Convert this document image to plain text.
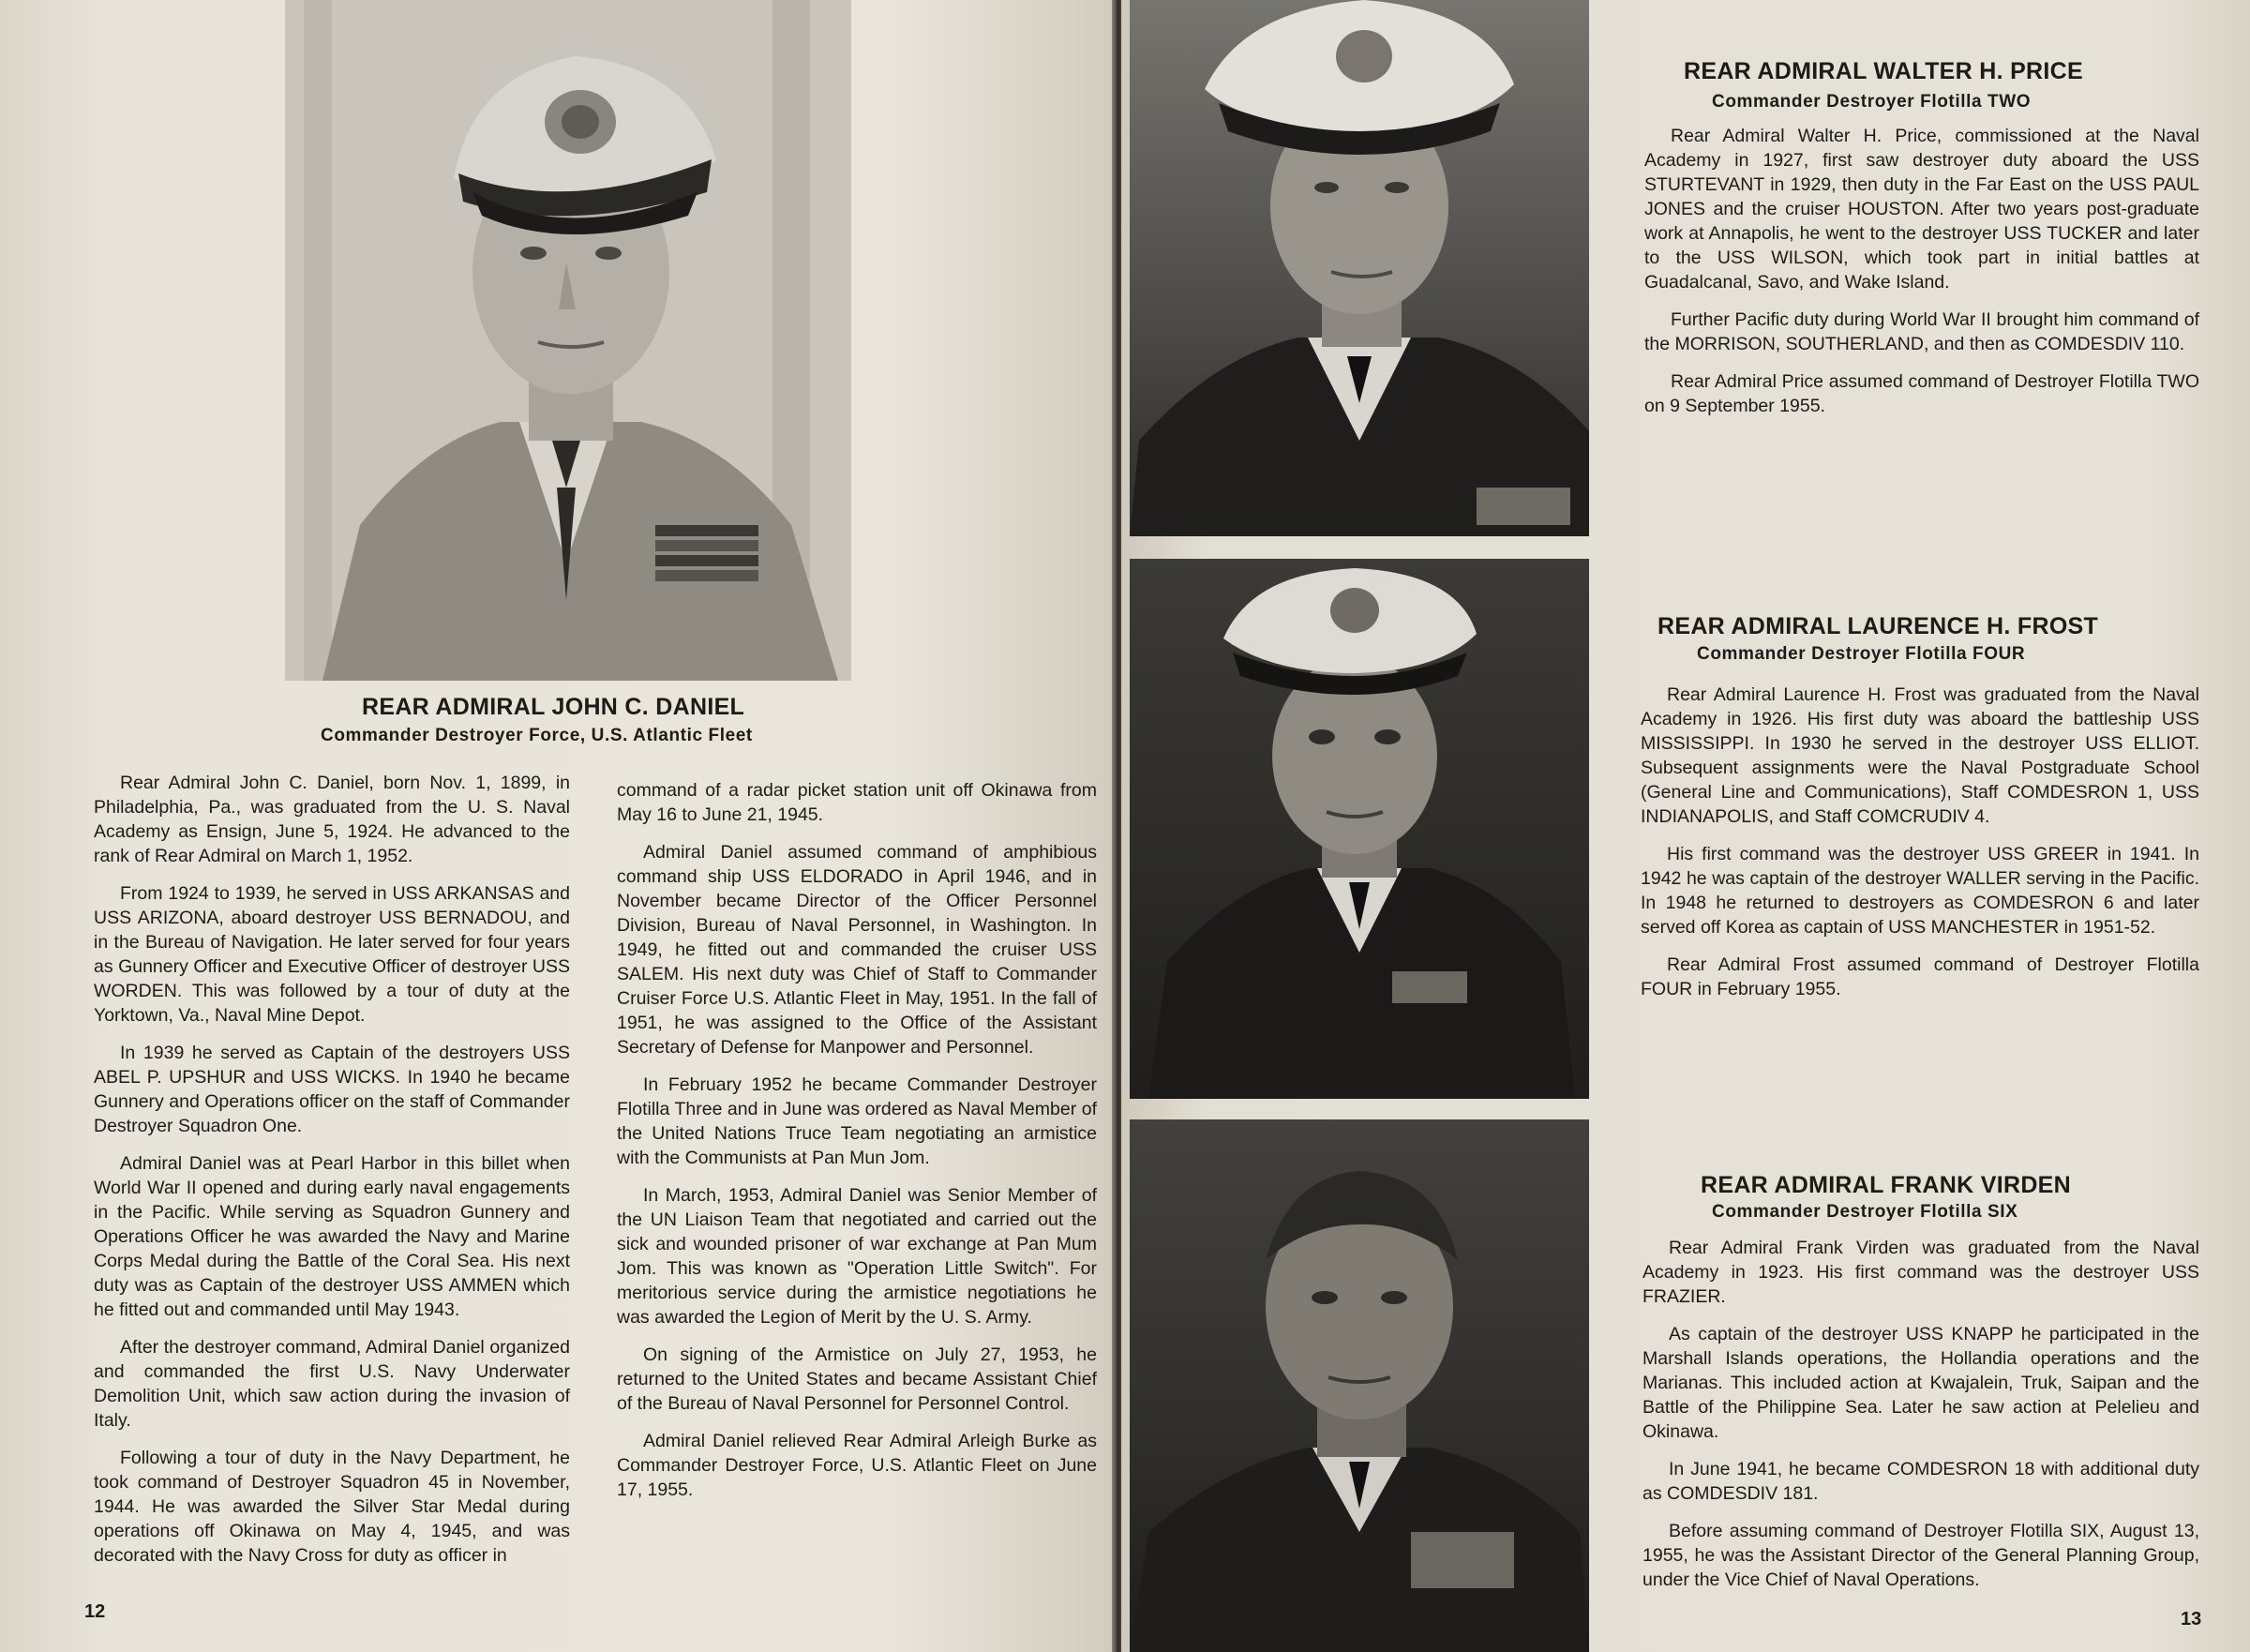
REAR ADMIRAL JOHN C. DANIEL
Commander Destroyer Force, U.S. Atlantic Fleet

Rear Admiral John C. Daniel, born Nov. 1, 1899, in Philadelphia, Pa., was graduated from the U. S. Naval Academy as Ensign, June 5, 1924. He advanced to the rank of Rear Admiral on March 1, 1952.

From 1924 to 1939, he served in USS ARKANSAS and USS ARIZONA, aboard destroyer USS BERNADOU, and in the Bureau of Navigation. He later served for four years as Gunnery Officer and Executive Officer of destroyer USS WORDEN. This was followed by a tour of duty at the Yorktown, Va., Naval Mine Depot.

In 1939 he served as Captain of the destroyers USS ABEL P. UPSHUR and USS WICKS. In 1940 he became Gunnery and Operations officer on the staff of Commander Destroyer Squadron One.

Admiral Daniel was at Pearl Harbor in this billet when World War II opened and during early naval engagements in the Pacific. While serving as Squadron Gunnery and Operations Officer he was awarded the Navy and Marine Corps Medal during the Battle of the Coral Sea. His next duty was as Captain of the destroyer USS AMMEN which he fitted out and commanded until May 1943.

After the destroyer command, Admiral Daniel organized and commanded the first U.S. Navy Underwater Demolition Unit, which saw action during the invasion of Italy.

Following a tour of duty in the Navy Department, he took command of Destroyer Squadron 45 in November, 1944. He was awarded the Silver Star Medal during operations off Okinawa on May 4, 1945, and was decorated with the Navy Cross for duty as officer in

command of a radar picket station unit off Okinawa from May 16 to June 21, 1945.

Admiral Daniel assumed command of amphibious command ship USS ELDORADO in April 1946, and in November became Director of the Officer Personnel Division, Bureau of Naval Personnel, in Washington. In 1949, he fitted out and commanded the cruiser USS SALEM. His next duty was Chief of Staff to Commander Cruiser Force U.S. Atlantic Fleet in May, 1951. In the fall of 1951, he was assigned to the Office of the Assistant Secretary of Defense for Manpower and Personnel.

In February 1952 he became Commander Destroyer Flotilla Three and in June was ordered as Naval Member of the United Nations Truce Team negotiating an armistice with the Communists at Pan Mun Jom.

In March, 1953, Admiral Daniel was Senior Member of the UN Liaison Team that negotiated and carried out the sick and wounded prisoner of war exchange at Pan Mum Jom. This was known as "Operation Little Switch". For meritorious service during the armistice negotiations he was awarded the Legion of Merit by the U. S. Army.

On signing of the Armistice on July 27, 1953, he returned to the United States and became Assistant Chief of the Bureau of Naval Personnel for Personnel Control.

Admiral Daniel relieved Rear Admiral Arleigh Burke as Commander Destroyer Force, U.S. Atlantic Fleet on June 17, 1955.

12
REAR ADMIRAL WALTER H. PRICE
Commander Destroyer Flotilla TWO

Rear Admiral Walter H. Price, commissioned at the Naval Academy in 1927, first saw destroyer duty aboard the USS STURTEVANT in 1929, then duty in the Far East on the USS PAUL JONES and the cruiser HOUSTON. After two years post-graduate work at Annapolis, he went to the destroyer USS TUCKER and later to the USS WILSON, which took part in initial battles at Guadalcanal, Savo, and Wake Island.

Further Pacific duty during World War II brought him command of the MORRISON, SOUTHERLAND, and then as COMDESDIV 110.

Rear Admiral Price assumed command of Destroyer Flotilla TWO on 9 September 1955.

REAR ADMIRAL LAURENCE H. FROST
Commander Destroyer Flotilla FOUR

Rear Admiral Laurence H. Frost was graduated from the Naval Academy in 1926. His first duty was aboard the battleship USS MISSISSIPPI. In 1930 he served in the destroyer USS ELLIOT. Subsequent assignments were the Naval Postgraduate School (General Line and Communications), Staff COMDESRON 1, USS INDIANAPOLIS, and Staff COMCRUDIV 4.

His first command was the destroyer USS GREER in 1941. In 1942 he was captain of the destroyer WALLER serving in the Pacific. In 1948 he returned to destroyers as COMDESRON 6 and later served off Korea as captain of USS MANCHESTER in 1951-52.

Rear Admiral Frost assumed command of Destroyer Flotilla FOUR in February 1955.

REAR ADMIRAL FRANK VIRDEN
Commander Destroyer Flotilla SIX

Rear Admiral Frank Virden was graduated from the Naval Academy in 1923. His first command was the destroyer USS FRAZIER.

As captain of the destroyer USS KNAPP he participated in the Marshall Islands operations, the Hollandia operations and the Marianas. This included action at Kwajalein, Truk, Saipan and the Battle of the Philippine Sea. Later he saw action at Pelelieu and Okinawa.

In June 1941, he became COMDESRON 18 with additional duty as COMDESDIV 181.

Before assuming command of Destroyer Flotilla SIX, August 13, 1955, he was the Assistant Director of the General Planning Group, under the Vice Chief of Naval Operations.

13
